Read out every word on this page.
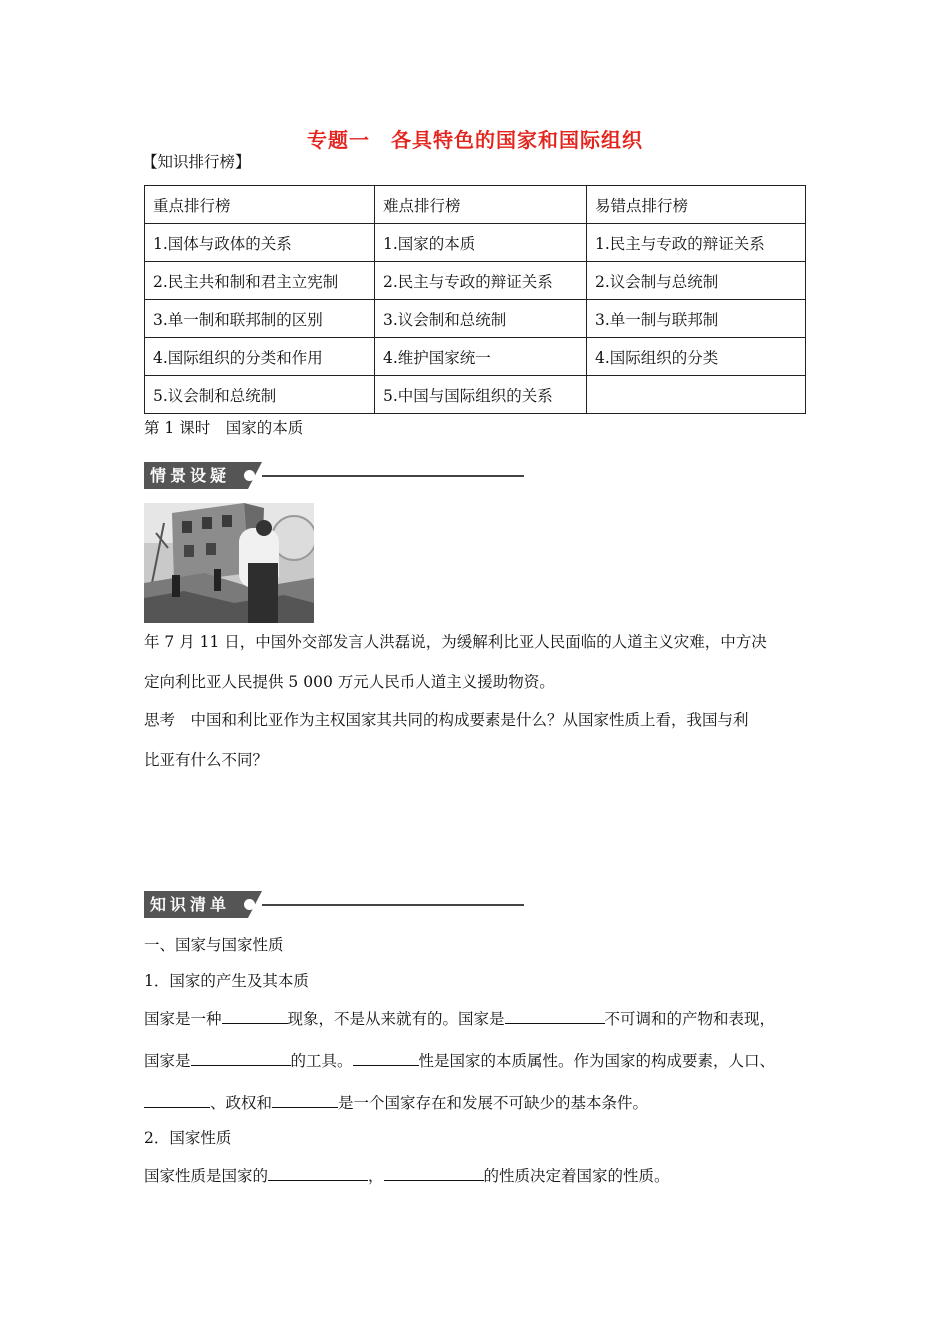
专题一　各具特色的国家和国际组织
【知识排行榜】
重点排行榜	难点排行榜	易错点排行榜
1.国体与政体的关系	1.国家的本质	1.民主与专政的辩证关系
2.民主共和制和君主立宪制	2.民主与专政的辩证关系	2.议会制与总统制
3.单一制和联邦制的区别	3.议会制和总统制	3.单一制与联邦制
4.国际组织的分类和作用	4.维护国家统一	4.国际组织的分类
5.议会制和总统制	5.中国与国际组织的关系	
第 1 课时　国家的本质
情景设疑
年 7 月 11 日，中国外交部发言人洪磊说，为缓解利比亚人民面临的人道主义灾难，中方决
定向利比亚人民提供 5 000 万元人民币人道主义援助物资。
思考　中国和利比亚作为主权国家其共同的构成要素是什么？从国家性质上看，我国与利
比亚有什么不同？
知识清单
一、国家与国家性质
1．国家的产生及其本质
国家是一种	现象，不是从来就有的。国家是	不可调和的产物和表现，
国家是	的工具。	性是国家的本质属性。作为国家的构成要素，人口、
、政权和	是一个国家存在和发展不可缺少的基本条件。
2．国家性质
国家性质是国家的	，	的性质决定着国家的性质。
